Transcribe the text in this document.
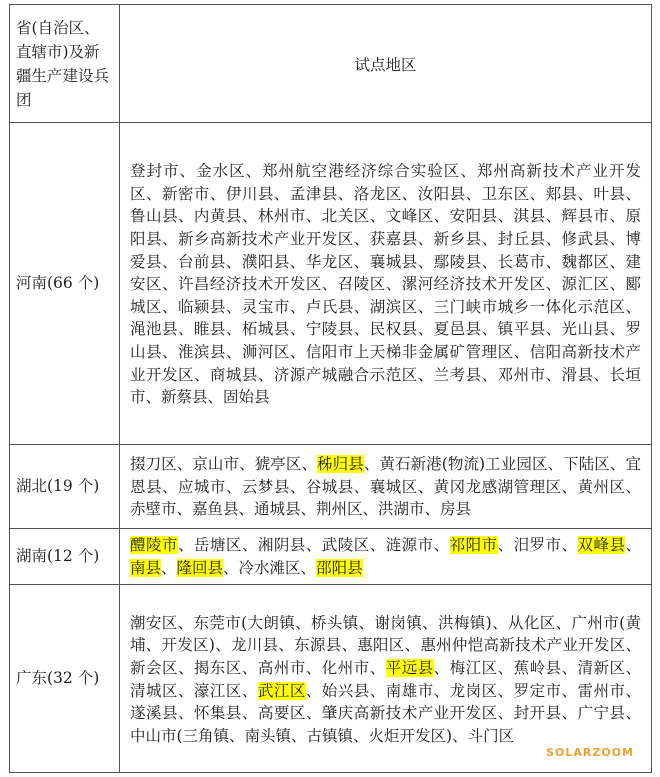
省(自治区、直辖市)及新疆生产建设兵团	试点地区
河南(66 个)	登封市、金水区、郑州航空港经济综合实验区、郑州高新技术产业开发区、新密市、伊川县、孟津县、洛龙区、汝阳县、卫东区、郏县、叶县、鲁山县、内黄县、林州市、北关区、文峰区、安阳县、淇县、辉县市、原阳县、新乡高新技术产业开发区、获嘉县、新乡县、封丘县、修武县、博爱县、台前县、濮阳县、华龙区、襄城县、鄢陵县、长葛市、魏都区、建安区、许昌经济技术开发区、召陵区、漯河经济技术开发区、源汇区、郾城区、临颍县、灵宝市、卢氏县、湖滨区、三门峡市城乡一体化示范区、渑池县、睢县、柘城县、宁陵县、民权县、夏邑县、镇平县、光山县、罗山县、淮滨县、浉河区、信阳市上天梯非金属矿管理区、信阳高新技术产业开发区、商城县、济源产城融合示范区、兰考县、邓州市、滑县、长垣市、新蔡县、固始县
湖北(19 个)	掇刀区、京山市、猇亭区、秭归县、黄石新港(物流)工业园区、下陆区、宜恩县、应城市、云梦县、谷城县、襄城区、黄冈龙感湖管理区、黄州区、赤壁市、嘉鱼县、通城县、荆州区、洪湖市、房县
湖南(12 个)	醴陵市、岳塘区、湘阴县、武陵区、涟源市、祁阳市、汨罗市、双峰县、南县、隆回县、冷水滩区、邵阳县
广东(32 个)	潮安区、东莞市(大朗镇、桥头镇、谢岗镇、洪梅镇)、从化区、广州市(黄埔、开发区)、龙川县、东源县、惠阳区、惠州仲恺高新技术产业开发区、新会区、揭东区、高州市、化州市、平远县、梅江区、蕉岭县、清新区、清城区、濠江区、武江区、始兴县、南雄市、龙岗区、罗定市、雷州市、遂溪县、怀集县、高要区、肇庆高新技术产业开发区、封开县、广宁县、中山市(三角镇、南头镇、古镇镇、火炬开发区)、斗门区
SOLARZOOM
